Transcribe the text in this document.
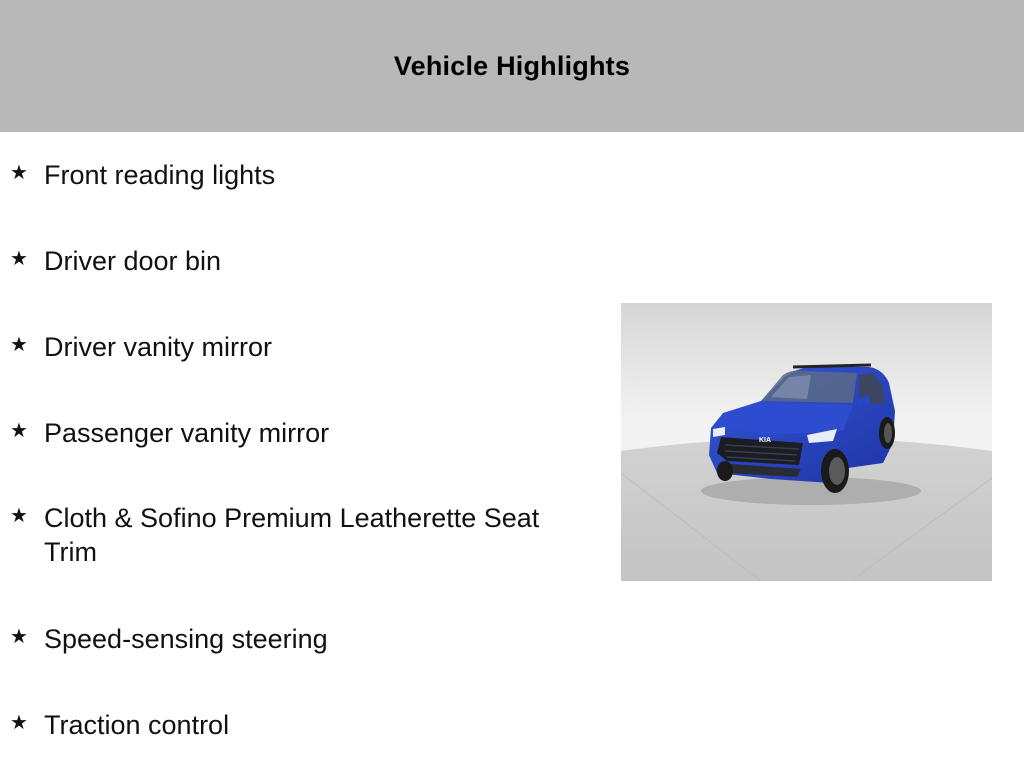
Vehicle Highlights
★ Front reading lights
★ Driver door bin
★ Driver vanity mirror
★ Passenger vanity mirror
★ Cloth & Sofino Premium Leatherette Seat Trim
★ Speed-sensing steering
★ Traction control
KIA
